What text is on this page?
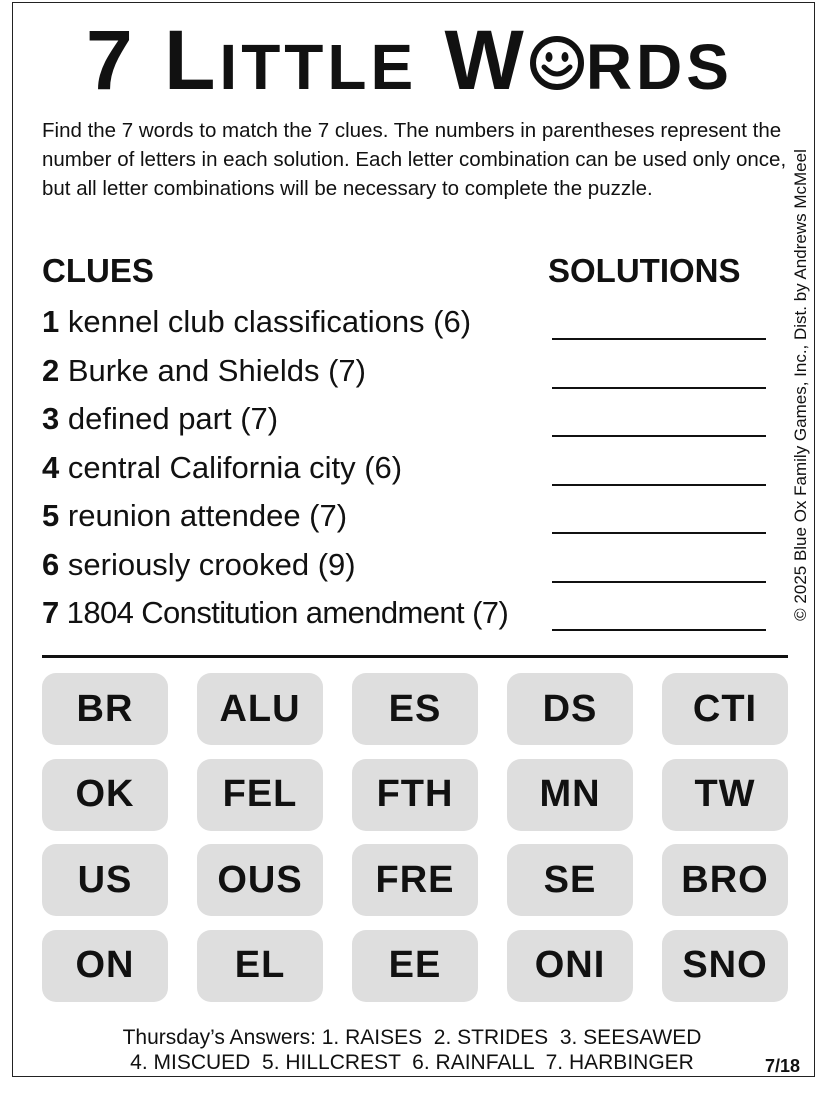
7 LITTLE W RDS
Find the 7 words to match the 7 clues. The numbers in parentheses represent the number of letters in each solution. Each letter combination can be used only once, but all letter combinations will be necessary to complete the puzzle.	© 2025 Blue Ox Family Games, Inc., Dist. by Andrews McMeel
CLUES	SOLUTIONS
1 kennel club classifications (6)
2 Burke and Shields (7)
3 defined part (7)
4 central California city (6)
5 reunion attendee (7)
6 seriously crooked (9)
7 1804 Constitution amendment (7)
BR	ALU	ES	DS	CTI
OK	FEL	FTH	MN	TW
US	OUS	FRE	SE	BRO
ON	EL	EE	ONI	SNO
Thursday’s Answers: 1. RAISES  2. STRIDES  3. SEESAWED
4. MISCUED  5. HILLCREST  6. RAINFALL  7. HARBINGER	7/18
